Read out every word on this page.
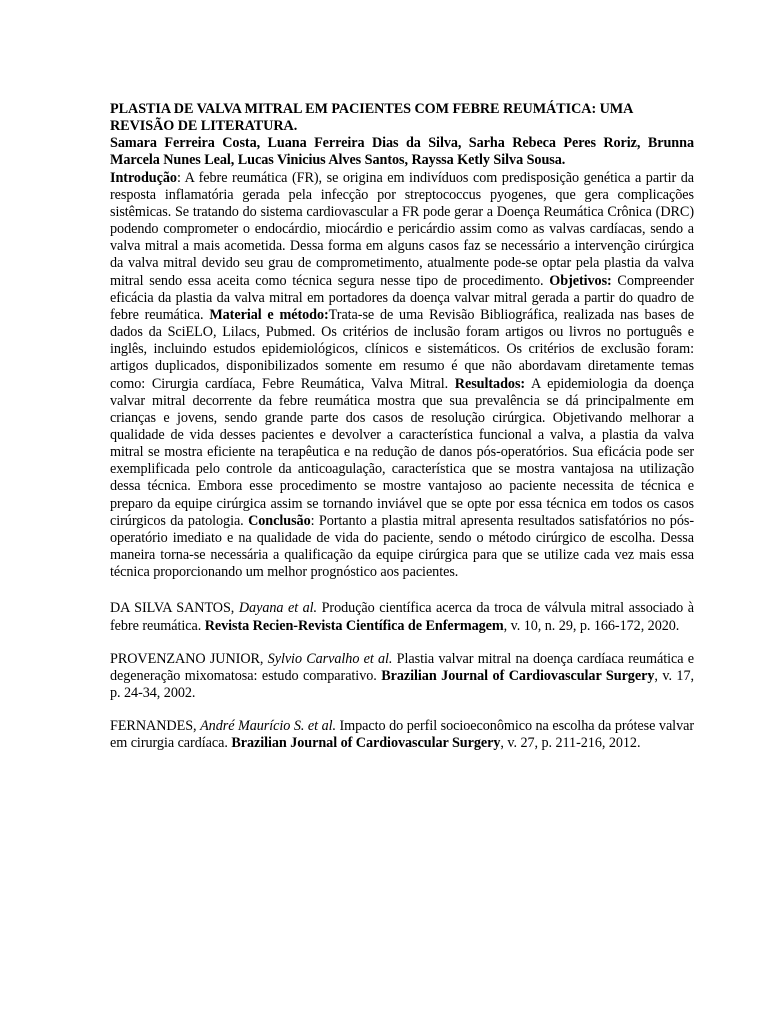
PLASTIA DE VALVA MITRAL EM PACIENTES COM FEBRE REUMÁTICA: UMA REVISÃO DE LITERATURA.
Samara Ferreira Costa, Luana Ferreira Dias da Silva, Sarha Rebeca Peres Roriz, Brunna Marcela Nunes Leal, Lucas Vinicius Alves Santos, Rayssa Ketly Silva Sousa.

Introdução: A febre reumática (FR), se origina em indivíduos com predisposição genética a partir da resposta inflamatória gerada pela infecção por streptococcus pyogenes, que gera complicações sistêmicas. Se tratando do sistema cardiovascular a FR pode gerar a Doença Reumática Crônica (DRC) podendo comprometer o endocárdio, miocárdio e pericárdio assim como as valvas cardíacas, sendo a valva mitral a mais acometida. Dessa forma em alguns casos faz se necessário a intervenção cirúrgica da valva mitral devido seu grau de comprometimento, atualmente pode-se optar pela plastia da valva mitral sendo essa aceita como técnica segura nesse tipo de procedimento. Objetivos: Compreender eficácia da plastia da valva mitral em portadores da doença valvar mitral gerada a partir do quadro de febre reumática. Material e método:Trata-se de uma Revisão Bibliográfica, realizada nas bases de dados da SciELO, Lilacs, Pubmed. Os critérios de inclusão foram artigos ou livros no português e inglês, incluindo estudos epidemiológicos, clínicos e sistemáticos. Os critérios de exclusão foram: artigos duplicados, disponibilizados somente em resumo é que não abordavam diretamente temas como: Cirurgia cardíaca, Febre Reumática, Valva Mitral. Resultados: A epidemiologia da doença valvar mitral decorrente da febre reumática mostra que sua prevalência se dá principalmente em crianças e jovens, sendo grande parte dos casos de resolução cirúrgica. Objetivando melhorar a qualidade de vida desses pacientes e devolver a característica funcional a valva, a plastia da valva mitral se mostra eficiente na terapêutica e na redução de danos pós-operatórios. Sua eficácia pode ser exemplificada pelo controle da anticoagulação, característica que se mostra vantajosa na utilização dessa técnica. Embora esse procedimento se mostre vantajoso ao paciente necessita de técnica e preparo da equipe cirúrgica assim se tornando inviável que se opte por essa técnica em todos os casos cirúrgicos da patologia. Conclusão: Portanto a plastia mitral apresenta resultados satisfatórios no pós-operatório imediato e na qualidade de vida do paciente, sendo o método cirúrgico de escolha. Dessa maneira torna-se necessária a qualificação da equipe cirúrgica para que se utilize cada vez mais essa técnica proporcionando um melhor prognóstico aos pacientes.

DA SILVA SANTOS, Dayana et al. Produção científica acerca da troca de válvula mitral associado à febre reumática. Revista Recien-Revista Científica de Enfermagem, v. 10, n. 29, p. 166-172, 2020.

PROVENZANO JUNIOR, Sylvio Carvalho et al. Plastia valvar mitral na doença cardíaca reumática e degeneração mixomatosa: estudo comparativo. Brazilian Journal of Cardiovascular Surgery, v. 17, p. 24-34, 2002.

FERNANDES, André Maurício S. et al. Impacto do perfil socioeconômico na escolha da prótese valvar em cirurgia cardíaca. Brazilian Journal of Cardiovascular Surgery, v. 27, p. 211-216, 2012.
